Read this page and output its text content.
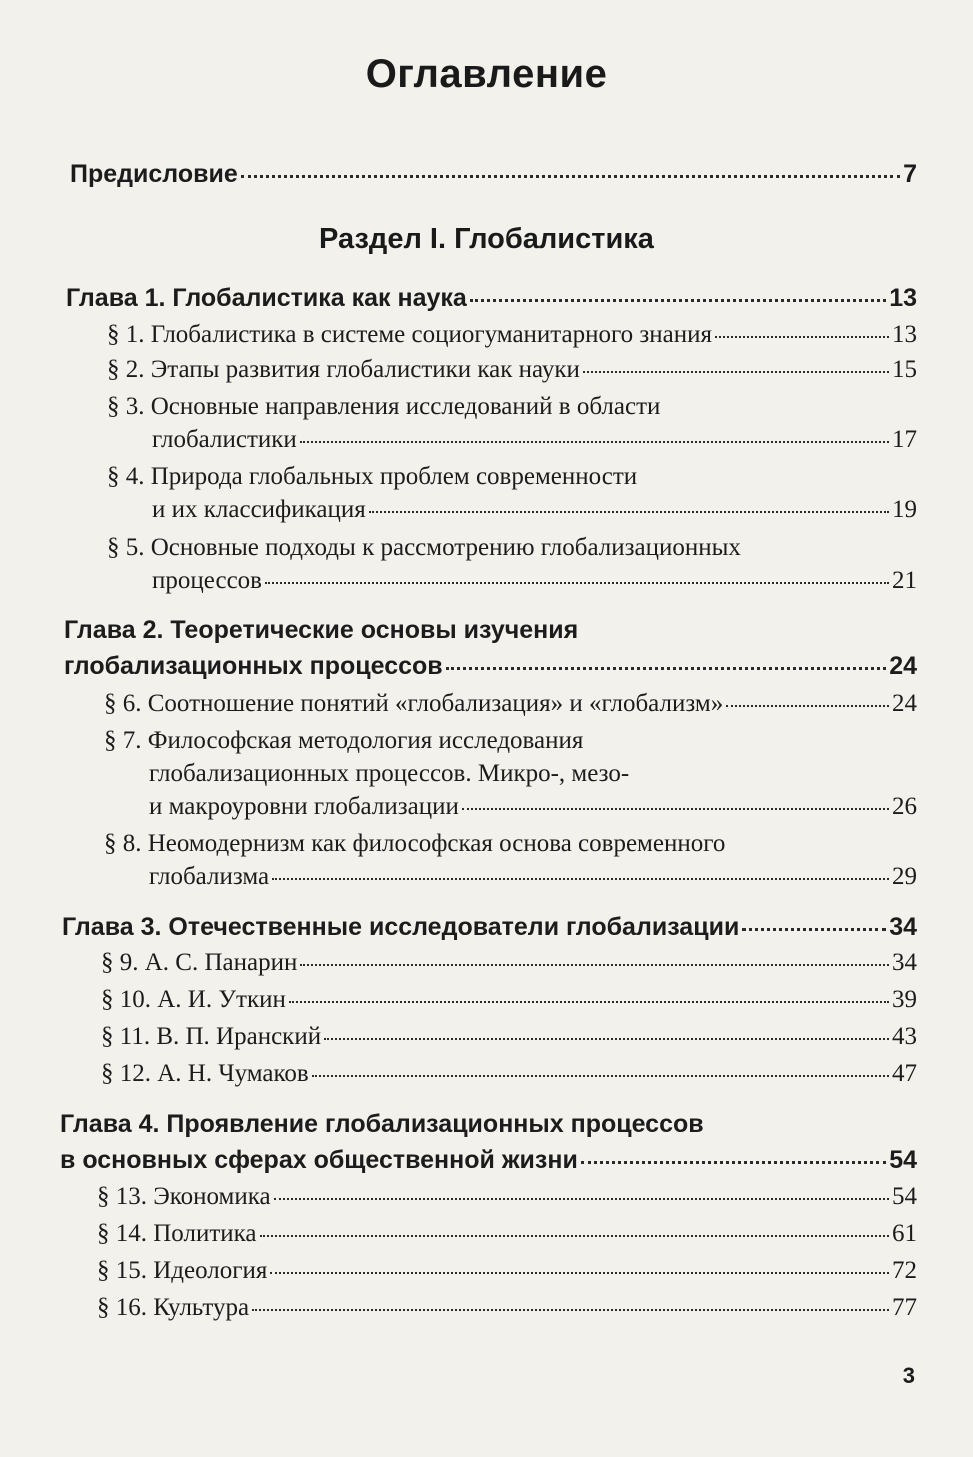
Оглавление
Предисловие	7
Раздел I. Глобалистика
Глава 1. Глобалистика как наука	13
§ 1. Глобалистика в системе социогуманитарного знания	13
§ 2. Этапы развития глобалистики как науки	15
§ 3. Основные направления исследований в области
глобалистики	17
§ 4. Природа глобальных проблем современности
и их классификация	19
§ 5. Основные подходы к рассмотрению глобализационных
процессов	21
Глава 2. Теоретические основы изучения
глобализационных процессов	24
§ 6. Соотношение понятий «глобализация» и «глобализм»	24
§ 7. Философская методология исследования
глобализационных процессов. Микро-, мезо-
и макроуровни глобализации	26
§ 8. Неомодернизм как философская основа современного
глобализма	29
Глава 3. Отечественные исследователи глобализации	34
§ 9. А. С. Панарин	34
§ 10. А. И. Уткин	39
§ 11. В. П. Иранский	43
§ 12. А. Н. Чумаков	47
Глава 4. Проявление глобализационных процессов
в основных сферах общественной жизни	54
§ 13. Экономика	54
§ 14. Политика	61
§ 15. Идеология	72
§ 16. Культура	77
3
